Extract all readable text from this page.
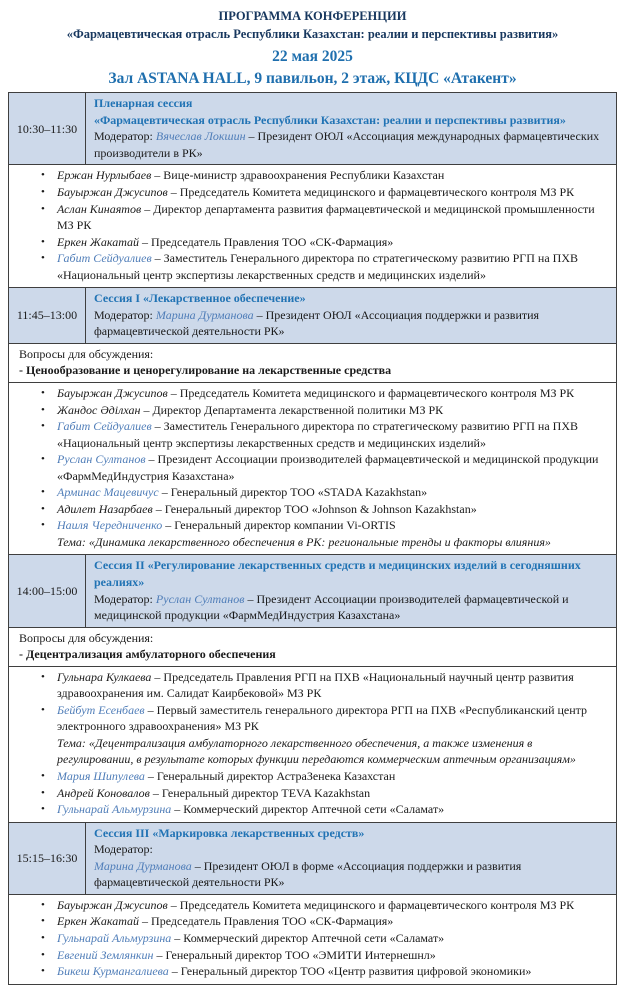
ПРОГРАММА КОНФЕРЕНЦИИ
«Фармацевтическая отрасль Республики Казахстан: реалии и перспективы развития»
22 мая 2025
Зал ASTANA HALL, 9 павильон, 2 этаж, КЦДС «Атакент»
10:30–11:30
Пленарная сессия
«Фармацевтическая отрасль Республики Казахстан: реалии и перспективы развития»
Модератор: Вячеслав Локшин – Президент ОЮЛ «Ассоциация международных фармацевтических производители в РК»
•	Ержан Нурлыбаев – Вице-министр здравоохранения Республики Казахстан
•	Бауыржан Джусипов – Председатель Комитета медицинского и фармацевтического контроля МЗ РК
•	Аслан Кинаятов – Директор департамента развития фармацевтической и медицинской промышленности МЗ РК
•	Еркен Жакатай – Председатель Правления ТОО «СК-Фармация»
•	Габит Сейдуалиев – Заместитель Генерального директора по стратегическому развитию РГП на ПХВ «Национальный центр экспертизы лекарственных средств и медицинских изделий»
11:45–13:00
Сессия I «Лекарственное обеспечение»
Модератор: Марина Дурманова – Президент ОЮЛ «Ассоциация поддержки и развития фармацевтической деятельности РК»
Вопросы для обсуждения:
- Ценообразование и ценорегулирование на лекарственные средства
•	Бауыржан Джусипов – Председатель Комитета медицинского и фармацевтического контроля МЗ РК
•	Жандос Әділхан – Директор Департамента лекарственной политики МЗ РК
•	Габит Сейдуалиев – Заместитель Генерального директора по стратегическому развитию РГП на ПХВ «Национальный центр экспертизы лекарственных средств и медицинских изделий»
•	Руслан Султанов – Президент Ассоциации производителей фармацевтической и медицинской продукции «ФармМедИндустрия Казахстана»
•	Арминас Мацевичус – Генеральный директор ТОО «STADA Kazakhstan»
•	Адилет Назарбаев – Генеральный директор ТОО «Johnson & Johnson Kazakhstan»
•	Наиля Чередниченко – Генеральный директор компании Vi-ORTIS
Тема: «Динамика лекарственного обеспечения в РК: региональные тренды и факторы влияния»
14:00–15:00
Сессия II «Регулирование лекарственных средств и медицинских изделий в сегодняшних реалиях»
Модератор: Руслан Султанов – Президент Ассоциации производителей фармацевтической и медицинской продукции «ФармМедИндустрия Казахстана»
Вопросы для обсуждения:
- Децентрализация амбулаторного обеспечения
•	Гульнара Кулкаева – Председатель Правления РГП на ПХВ «Национальный научный центр развития здравоохранения им. Салидат Каирбековой» МЗ РК
•	Бейбут Есенбаев – Первый заместитель генерального директора РГП на ПХВ «Республиканский центр электронного здравоохранения» МЗ РК
Тема: «Децентрализация амбулаторного лекарственного обеспечения, а также изменения в регулировании, в результате которых функции передаются коммерческим аптечным организациям»
•	Мария Шипулева – Генеральный директор АстраЗенека Казахстан
•	Андрей Коновалов – Генеральный директор TEVA Kazakhstan
•	Гульнарай Альмурзина – Коммерческий директор Аптечной сети «Саламат»
15:15–16:30
Сессия III «Маркировка лекарственных средств»
Модератор:
Марина Дурманова – Президент ОЮЛ в форме «Ассоциация поддержки и развития фармацевтической деятельности РК»
•	Бауыржан Джусипов – Председатель Комитета медицинского и фармацевтического контроля МЗ РК
•	Еркен Жакатай – Председатель Правления ТОО «СК-Фармация»
•	Гульнарай Альмурзина – Коммерческий директор Аптечной сети «Саламат»
•	Евгений Землянкин – Генеральный директор ТОО «ЭМИТИ Интернешнл»
•	Бикеш Курмангалиева – Генеральный директор ТОО «Центр развития цифровой экономики»
